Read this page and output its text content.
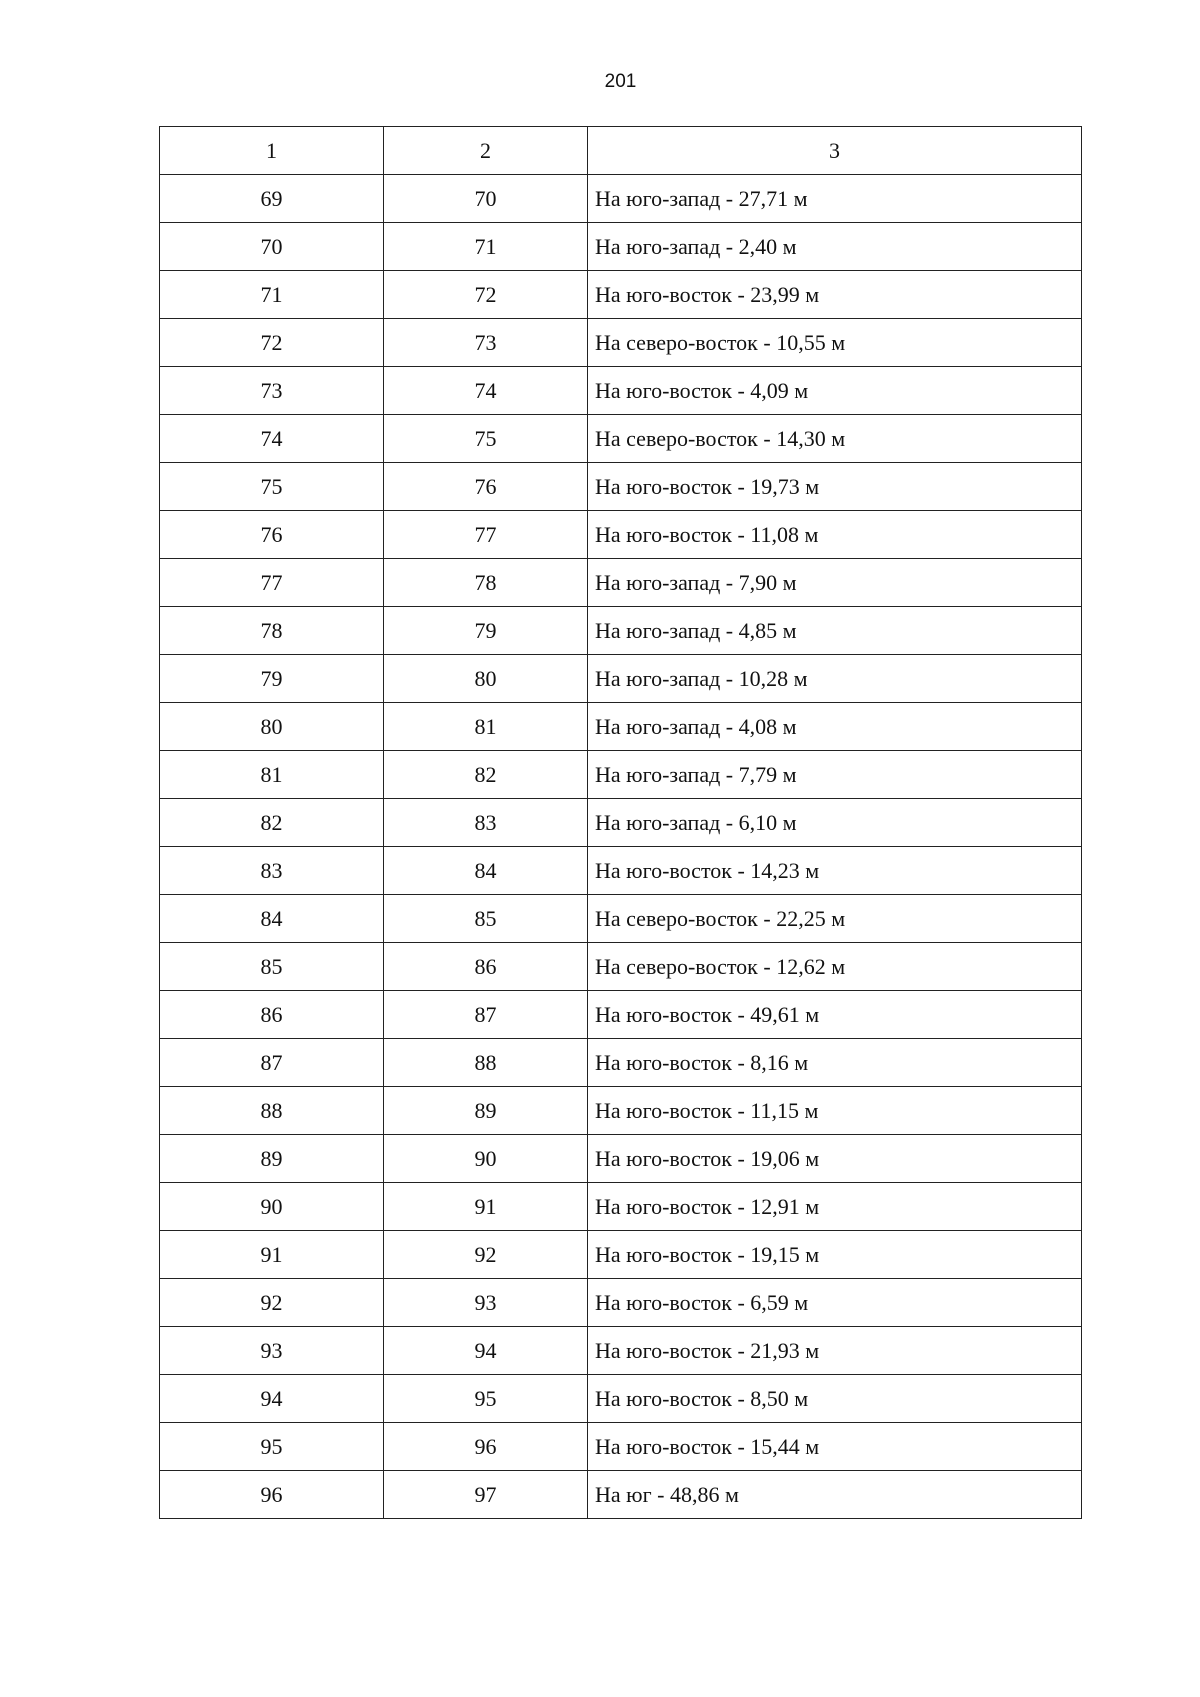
201
1	2	3
69	70	На юго-запад - 27,71 м
70	71	На юго-запад - 2,40 м
71	72	На юго-восток - 23,99 м
72	73	На северо-восток - 10,55 м
73	74	На юго-восток - 4,09 м
74	75	На северо-восток - 14,30 м
75	76	На юго-восток - 19,73 м
76	77	На юго-восток - 11,08 м
77	78	На юго-запад - 7,90 м
78	79	На юго-запад - 4,85 м
79	80	На юго-запад - 10,28 м
80	81	На юго-запад - 4,08 м
81	82	На юго-запад - 7,79 м
82	83	На юго-запад - 6,10 м
83	84	На юго-восток - 14,23 м
84	85	На северо-восток - 22,25 м
85	86	На северо-восток - 12,62 м
86	87	На юго-восток - 49,61 м
87	88	На юго-восток - 8,16 м
88	89	На юго-восток - 11,15 м
89	90	На юго-восток - 19,06 м
90	91	На юго-восток - 12,91 м
91	92	На юго-восток - 19,15 м
92	93	На юго-восток - 6,59 м
93	94	На юго-восток - 21,93 м
94	95	На юго-восток - 8,50 м
95	96	На юго-восток - 15,44 м
96	97	На юг - 48,86 м
